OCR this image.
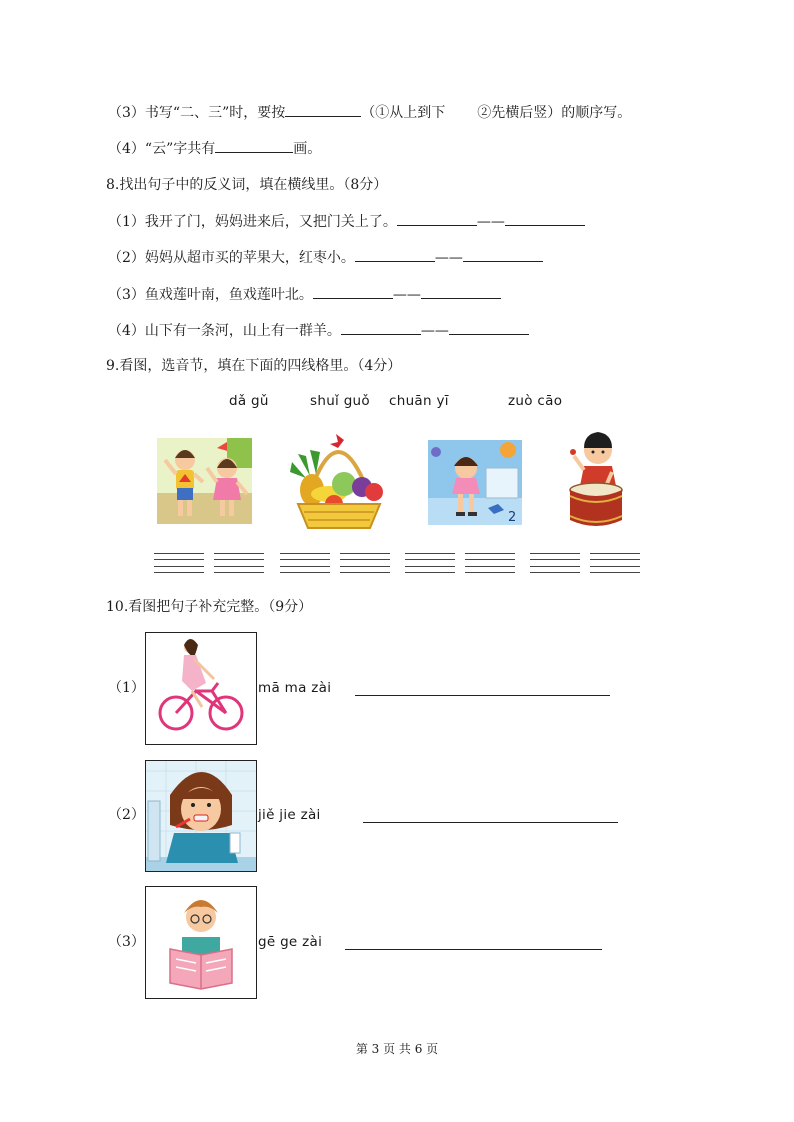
（3）书写“二、三”时，要按	（①从上到下 ②先横后竖）的顺序写。
（4）“云”字共有	画。
8.找出句子中的反义词，填在横线里。（8分）
（1）我开了门，妈妈进来后，又把门关上了。	——
（2）妈妈从超市买的苹果大，红枣小。	——
（3）鱼戏莲叶南，鱼戏莲叶北。	——
（4）山下有一条河，山上有一群羊。	——
9.看图，选音节，填在下面的四线格里。（4分）
dǎ gǔ	shuǐ guǒ chuān yī	zuò cāo
2
10.看图把句子补充完整。（9分）
（1）	mā ma zài
（2）	jiě jie zài
（3）	gē ge zài
第 3 页 共 6 页
